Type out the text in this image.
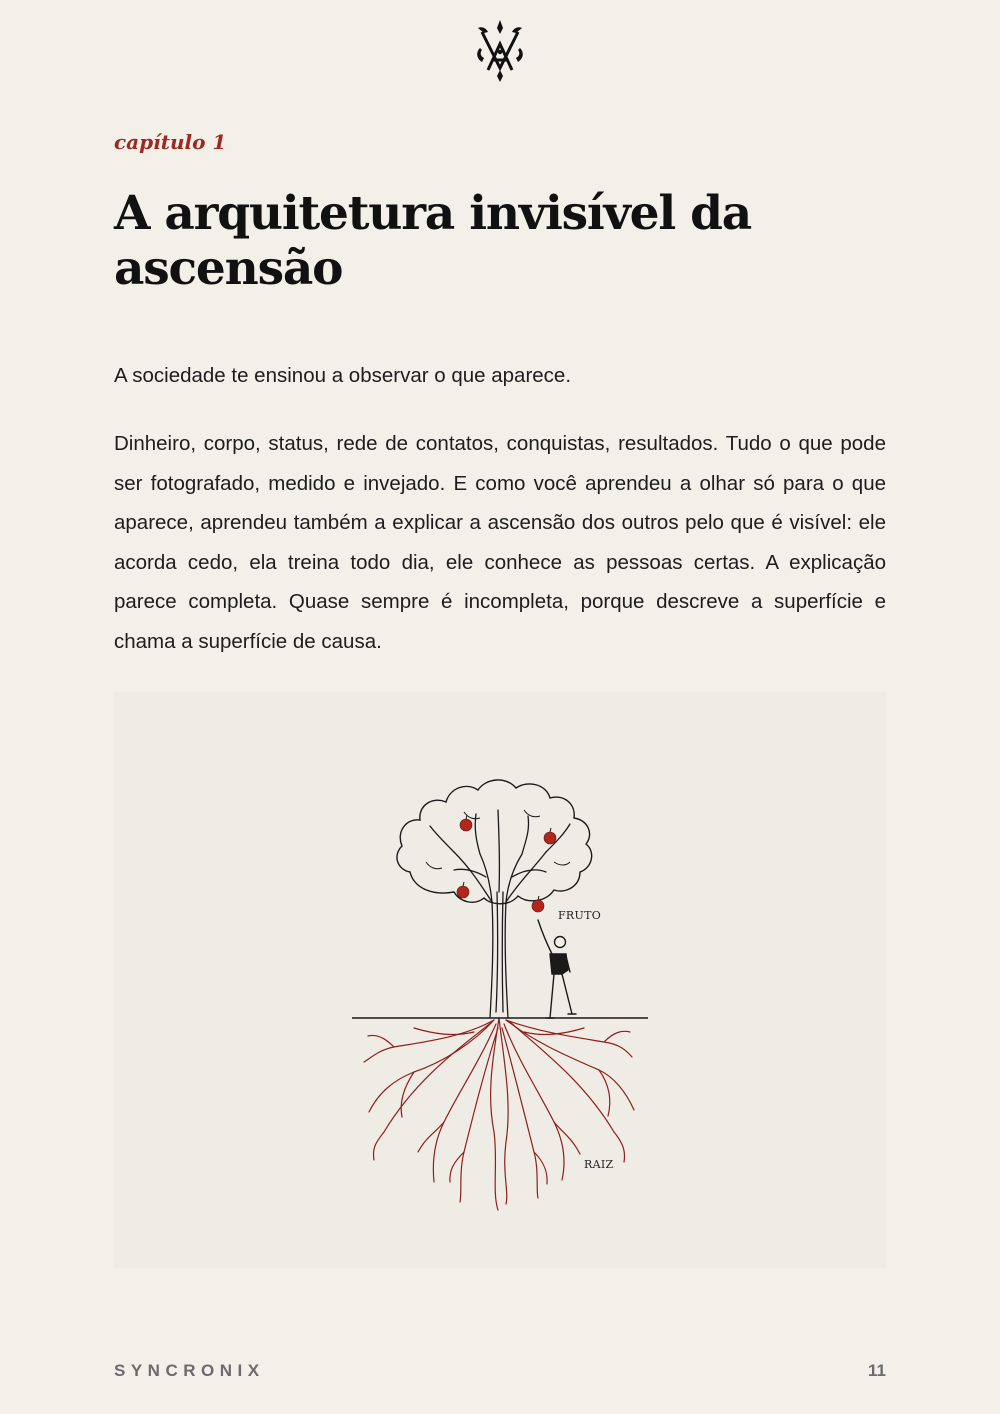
capítulo 1
A arquitetura invisível da ascensão

A sociedade te ensinou a observar o que aparece.

Dinheiro, corpo, status, rede de contatos, conquistas, resultados. Tudo o que pode ser fotografado, medido e invejado. E como você aprendeu a olhar só para o que aparece, aprendeu também a explicar a ascensão dos outros pelo que é visível: ele acorda cedo, ela treina todo dia, ele conhece as pessoas certas. A explicação parece completa. Quase sempre é incompleta, porque descreve a superfície e chama a superfície de causa.

FRUTO
RAIZ
SYNCRONIX	11
